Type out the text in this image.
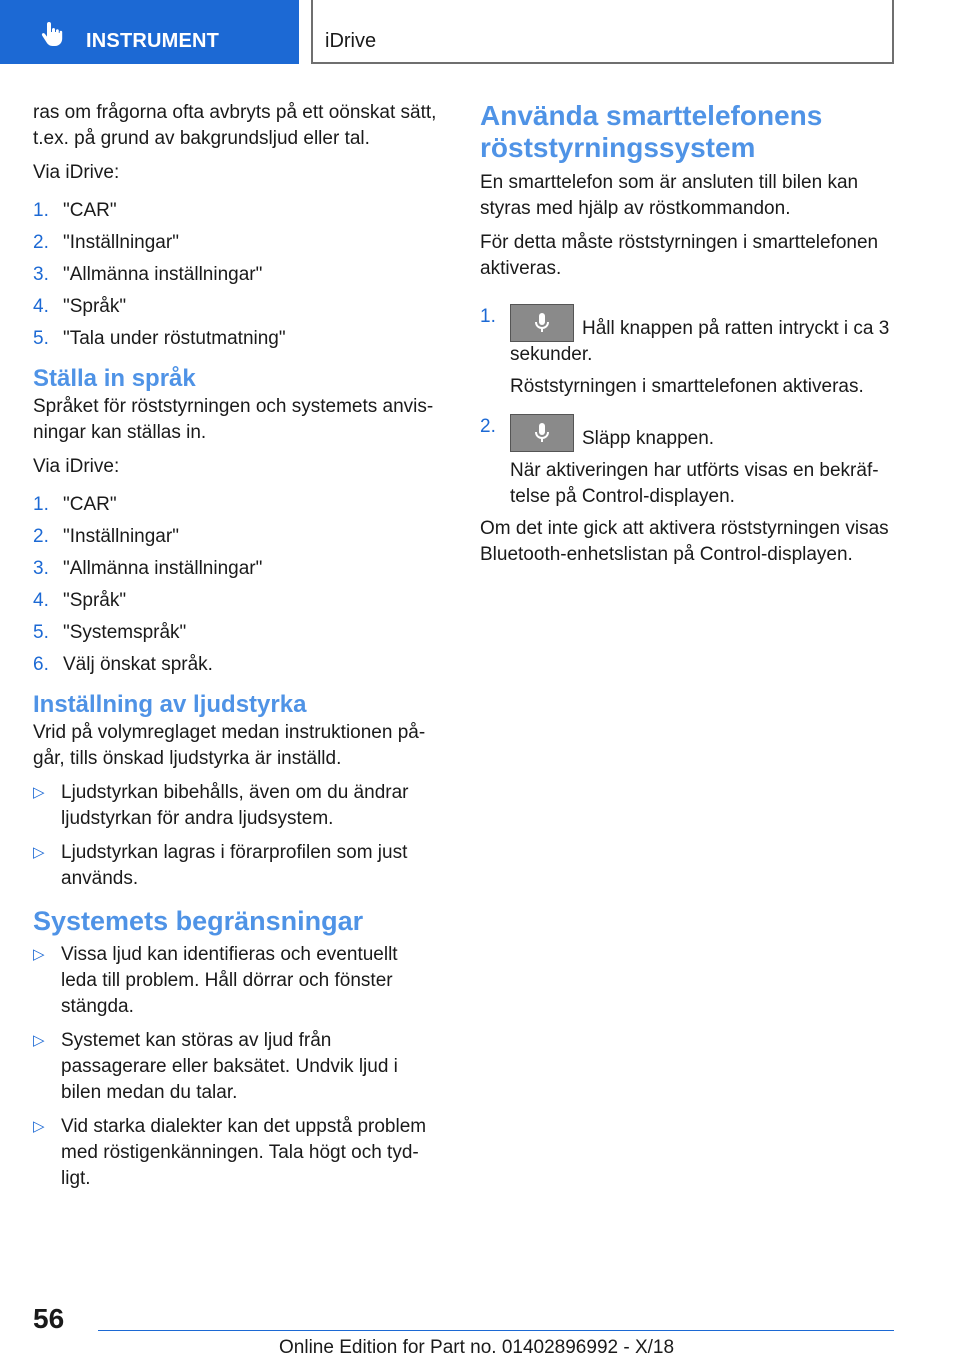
INSTRUMENT	iDrive

ras om frågorna ofta avbryts på ett oönskat sätt, t.ex. på grund av bakgrundsljud eller tal.

Via iDrive:

1. "CAR"
2. "Inställningar"
3. "Allmänna inställningar"
4. "Språk"
5. "Tala under röstutmatning"
Ställa in språk

Språket för röststyrningen och systemets anvisningar kan ställas in.

Via iDrive:

1. "CAR"
2. "Inställningar"
3. "Allmänna inställningar"
4. "Språk"
5. "Systemspråk"
6. Välj önskat språk.
Inställning av ljudstyrka

Vrid på volymreglaget medan instruktionen pågår, tills önskad ljudstyrka är inställd.

▷ Ljudstyrkan bibehålls, även om du ändrar ljudstyrkan för andra ljudsystem.
▷ Ljudstyrkan lagras i förarprofilen som just används.
Systemets begränsningar
▷ Vissa ljud kan identifieras och eventuellt leda till problem. Håll dörrar och fönster stängda.
▷ Systemet kan störas av ljud från passagerare eller baksätet. Undvik ljud i bilen medan du talar.
▷ Vid starka dialekter kan det uppstå problem med röstigenkänningen. Tala högt och tydligt.
Använda smarttelefonens röststyrningssystem

En smarttelefon som är ansluten till bilen kan styras med hjälp av röstkommandon.

För detta måste röststyrningen i smarttelefonen aktiveras.

1.
Håll knappen på ratten intryckt i ca 3 sekunder.
Röststyrningen i smarttelefonen aktiveras.
2.
Släpp knappen.
När aktiveringen har utförts visas en bekräftelse på Control-displayen.

Om det inte gick att aktivera röststyrningen visas Bluetooth-enhetslistan på Control-displayen.

56
Online Edition for Part no. 01402896992 - X/18
